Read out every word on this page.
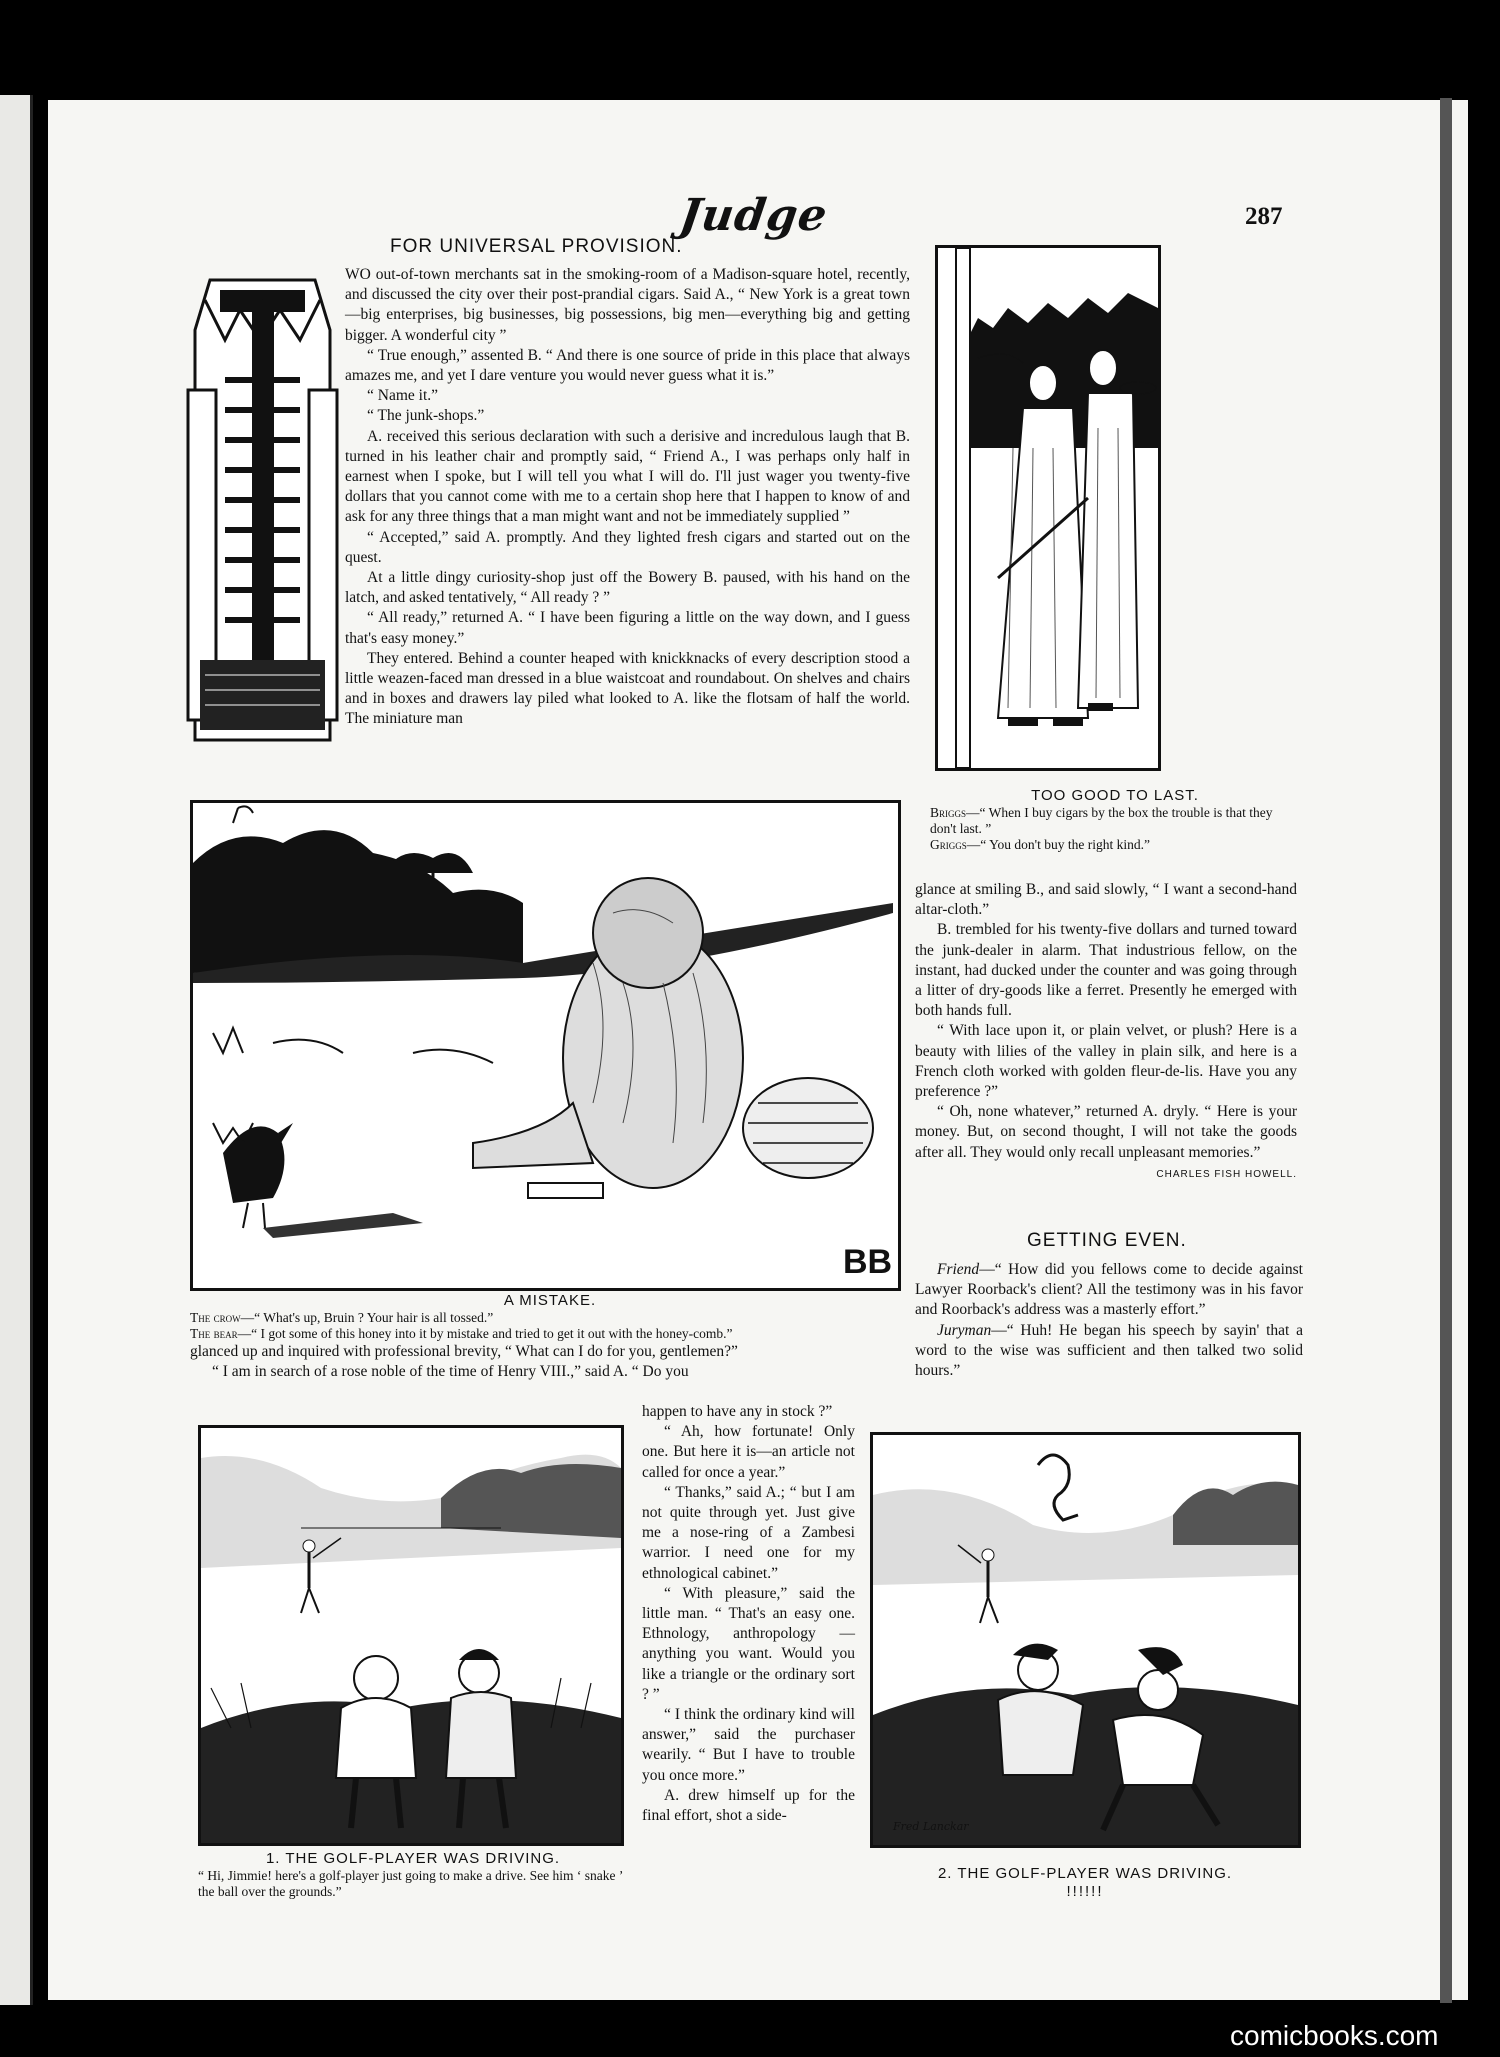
Judge	287
FOR UNIVERSAL PROVISION.
T

WO out-of-town merchants sat in the smoking-room of a Madison-square hotel, recently, and discussed the city over their post-prandial cigars. Said A., “ New York is a great town—big enterprises, big businesses, big possessions, big men—everything big and getting bigger. A wonderful city ”

“ True enough,” assented B. “ And there is one source of pride in this place that always amazes me, and yet I dare venture you would never guess what it is.”

“ Name it.”

“ The junk-shops.”

A. received this serious declaration with such a derisive and incredulous laugh that B. turned in his leather chair and promptly said, “ Friend A., I was perhaps only half in earnest when I spoke, but I will tell you what I will do. I'll just wager you twenty-five dollars that you cannot come with me to a certain shop here that I happen to know of and ask for any three things that a man might want and not be immediately supplied ”

“ Accepted,” said A. promptly. And they lighted fresh cigars and started out on the quest.

At a little dingy curiosity-shop just off the Bowery B. paused, with his hand on the latch, and asked tentatively, “ All ready ? ”

“ All ready,” returned A. “ I have been figuring a little on the way down, and I guess that's easy money.”

They entered. Behind a counter heaped with knickknacks of every description stood a little weazen-faced man dressed in a blue waistcoat and roundabout. On shelves and chairs and in boxes and drawers lay piled what looked to A. like the flotsam of half the world. The miniature man

TOO GOOD TO LAST.
Briggs—“ When I buy cigars by the box the trouble is that they don't last. ”
Griggs—“ You don't buy the right kind.”
BB
A MISTAKE.
The crow—“ What's up, Bruin ? Your hair is all tossed.”
The bear—“ I got some of this honey into it by mistake and tried to get it out with the honey-comb.”

glance at smiling B., and said slowly, “ I want a second-hand altar-cloth.”

B. trembled for his twenty-five dollars and turned toward the junk-dealer in alarm. That industrious fellow, on the instant, had ducked under the counter and was going through a litter of dry-goods like a ferret. Presently he emerged with both hands full.

“ With lace upon it, or plain velvet, or plush? Here is a beauty with lilies of the valley in plain silk, and here is a French cloth worked with golden fleur-de-lis. Have you any preference ?”

“ Oh, none whatever,” returned A. dryly. “ Here is your money. But, on second thought, I will not take the goods after all. They would only recall unpleasant memories.”

CHARLES FISH HOWELL.
GETTING EVEN.

Friend—“ How did you fellows come to decide against Lawyer Roorback's client? All the testimony was in his favor and Roorback's address was a masterly effort.”

Juryman—“ Huh! He began his speech by sayin' that a word to the wise was sufficient and then talked two solid hours.”

glanced up and inquired with professional brevity, “ What can I do for you, gentlemen?”

“ I am in search of a rose noble of the time of Henry VIII.,” said A. “ Do you

happen to have any in stock ?”

“ Ah, how fortunate! Only one. But here it is—an article not called for once a year.”

“ Thanks,” said A.; “ but I am not quite through yet. Just give me a nose-ring of a Zambesi warrior. I need one for my ethnological cabinet.”

“ With pleasure,” said the little man. “ That's an easy one. Ethnology, anthropology — anything you want. Would you like a triangle or the ordinary sort ? ”

“ I think the ordinary kind will answer,” said the purchaser wearily. “ But I have to trouble you once more.”

A. drew himself up for the final effort, shot a side-

1. THE GOLF-PLAYER WAS DRIVING.
“ Hi, Jimmie! here's a golf-player just going to make a drive. See him ‘ snake ’ the ball over the grounds.”
Fred Lanckar
2. THE GOLF-PLAYER WAS DRIVING.
!!!!!!
comicbooks.com
